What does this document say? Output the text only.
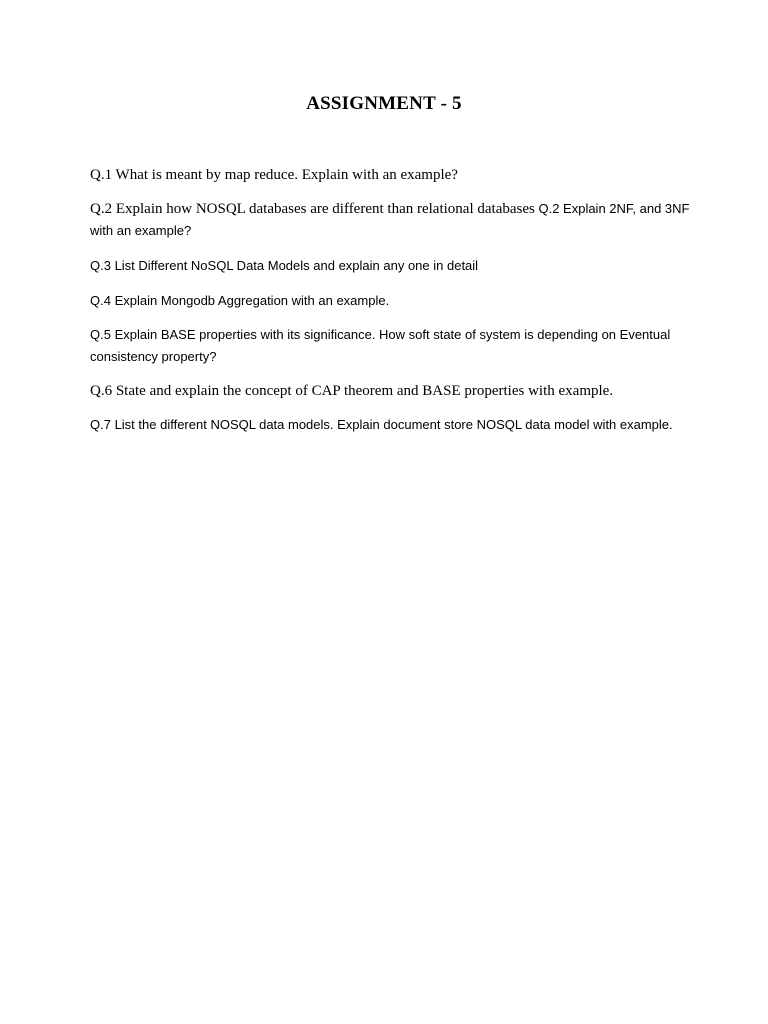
ASSIGNMENT - 5

Q.1 What is meant by map reduce. Explain with an example?

Q.2 Explain how NOSQL databases are different than relational databases Q.2 Explain 2NF, and 3NF with an example?

Q.3 List Different NoSQL Data Models and explain any one in detail

Q.4 Explain Mongodb Aggregation with an example.

Q.5 Explain BASE properties with its significance. How soft state of system is depending on Eventual consistency property?

Q.6 State and explain the concept of CAP theorem and BASE properties with example.

Q.7 List the different NOSQL data models. Explain document store NOSQL data model with example.
